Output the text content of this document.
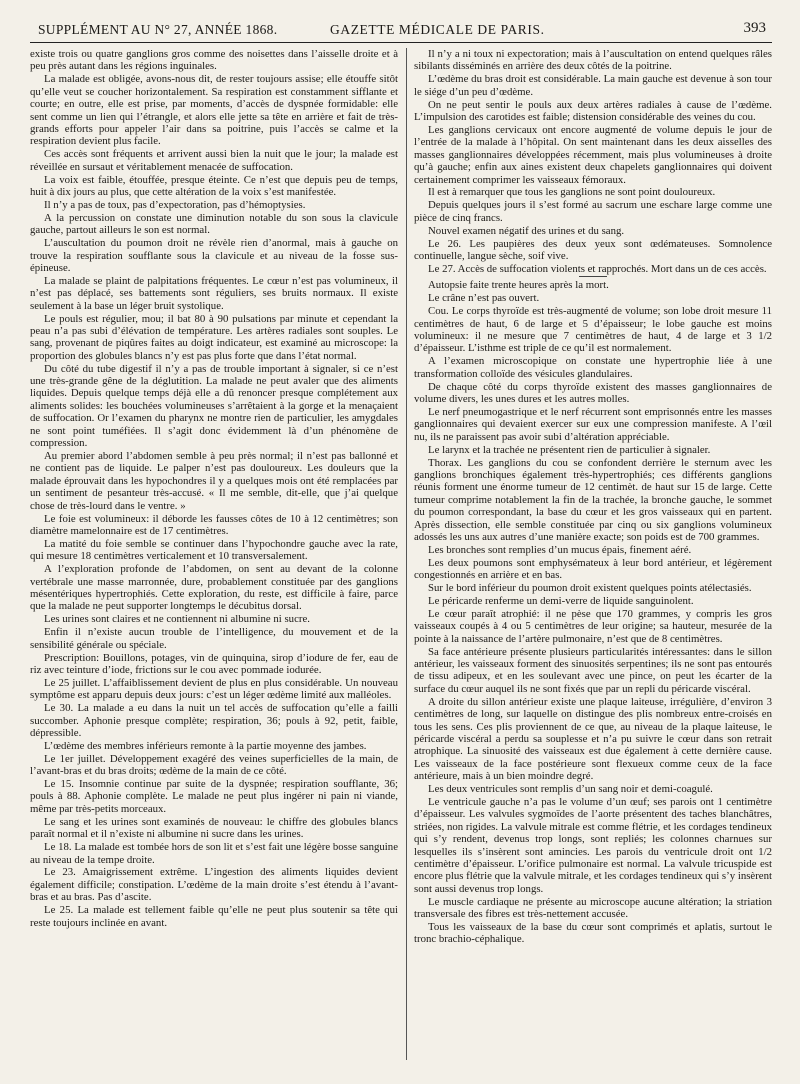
SUPPLÉMENT AU N° 27, ANNÉE 1868.	GAZETTE MÉDICALE DE PARIS.	393

existe trois ou quatre ganglions gros comme des noisettes dans l’aisselle droite et à peu près autant dans les régions inguinales.

La malade est obligée, avons-nous dit, de rester toujours assise; elle étouffe sitôt qu’elle veut se coucher horizontalement. Sa respiration est constamment sifflante et courte; en outre, elle est prise, par moments, d’accès de dyspnée formidable: elle sent comme un lien qui l’étrangle, et alors elle jette sa tête en arrière et fait de très-grands efforts pour appeler l’air dans sa poitrine, puis l’accès se calme et la respiration devient plus facile.

Ces accès sont fréquents et arrivent aussi bien la nuit que le jour; la malade est réveillée en sursaut et véritablement menacée de suffocation.

La voix est faible, étouffée, presque éteinte. Ce n’est que depuis peu de temps, huit à dix jours au plus, que cette altération de la voix s’est manifestée.

Il n’y a pas de toux, pas d’expectoration, pas d’hémoptysies.

A la percussion on constate une diminution notable du son sous la clavicule gauche, partout ailleurs le son est normal.

L’auscultation du poumon droit ne révèle rien d’anormal, mais à gauche on trouve la respiration soufflante sous la clavicule et au niveau de la fosse sus-épineuse.

La malade se plaint de palpitations fréquentes. Le cœur n’est pas volumineux, il n’est pas déplacé, ses battements sont réguliers, ses bruits normaux. Il existe seulement à la base un léger bruit systolique.

Le pouls est régulier, mou; il bat 80 à 90 pulsations par minute et cependant la peau n’a pas subi d’élévation de température. Les artères radiales sont souples. Le sang, provenant de piqûres faites au doigt indicateur, est examiné au microscope: la proportion des globules blancs n’y est pas plus forte que dans l’état normal.

Du côté du tube digestif il n’y a pas de trouble important à signaler, si ce n’est une très-grande gêne de la déglutition. La malade ne peut avaler que des aliments liquides. Depuis quelque temps déjà elle a dû renoncer presque complétement aux aliments solides: les bouchées volumineuses s’arrêtaient à la gorge et la menaçaient de suffocation. Or l’examen du pharynx ne montre rien de particulier, les amygdales ne sont point tuméfiées. Il s’agit donc évidemment là d’un phénomène de compression.

Au premier abord l’abdomen semble à peu près normal; il n’est pas ballonné et ne contient pas de liquide. Le palper n’est pas douloureux. Les douleurs que la malade éprouvait dans les hypochondres il y a quelques mois ont été remplacées par un sentiment de pesanteur très-accusé. « Il me semble, dit-elle, que j’ai quelque chose de très-lourd dans le ventre. »

Le foie est volumineux: il déborde les fausses côtes de 10 à 12 centimètres; son diamètre mamelonnaire est de 17 centimètres.

La matité du foie semble se continuer dans l’hypochondre gauche avec la rate, qui mesure 18 centimètres verticalement et 10 transversalement.

A l’exploration profonde de l’abdomen, on sent au devant de la colonne vertébrale une masse marronnée, dure, probablement constituée par des ganglions mésentériques hypertrophiés. Cette exploration, du reste, est difficile à faire, parce que la malade ne peut supporter longtemps le décubitus dorsal.

Les urines sont claires et ne contiennent ni albumine ni sucre.

Enfin il n’existe aucun trouble de l’intelligence, du mouvement et de la sensibilité générale ou spéciale.

Prescription: Bouillons, potages, vin de quinquina, sirop d’iodure de fer, eau de riz avec teinture d’iode, frictions sur le cou avec pommade iodurée.

Le 25 juillet. L’affaiblissement devient de plus en plus considérable. Un nouveau symptôme est apparu depuis deux jours: c’est un léger œdème limité aux malléoles.

Le 30. La malade a eu dans la nuit un tel accès de suffocation qu’elle a failli succomber. Aphonie presque complète; respiration, 36; pouls à 92, petit, faible, dépressible.

L’œdème des membres inférieurs remonte à la partie moyenne des jambes.

Le 1er juillet. Développement exagéré des veines superficielles de la main, de l’avant-bras et du bras droits; œdème de la main de ce côté.

Le 15. Insomnie continue par suite de la dyspnée; respiration soufflante, 36; pouls à 88. Aphonie complète. Le malade ne peut plus ingérer ni pain ni viande, même par très-petits morceaux.

Le sang et les urines sont examinés de nouveau: le chiffre des globules blancs paraît normal et il n’existe ni albumine ni sucre dans les urines.

Le 18. La malade est tombée hors de son lit et s’est fait une légère bosse sanguine au niveau de la tempe droite.

Le 23. Amaigrissement extrême. L’ingestion des aliments liquides devient également difficile; constipation. L’œdème de la main droite s’est étendu à l’avant-bras et au bras. Pas d’ascite.

Le 25. La malade est tellement faible qu’elle ne peut plus soutenir sa tête qui reste toujours inclinée en avant.

Il n’y a ni toux ni expectoration; mais à l’auscultation on entend quelques râles sibilants disséminés en arrière des deux côtés de la poitrine.

L’œdème du bras droit est considérable. La main gauche est devenue à son tour le siége d’un peu d’œdème.

On ne peut sentir le pouls aux deux artères radiales à cause de l’œdème. L’impulsion des carotides est faible; distension considérable des veines du cou.

Les ganglions cervicaux ont encore augmenté de volume depuis le jour de l’entrée de la malade à l’hôpital. On sent maintenant dans les deux aisselles des masses ganglionnaires développées récemment, mais plus volumineuses à droite qu’à gauche; enfin aux aines existent deux chapelets ganglionnaires qui doivent certainement comprimer les vaisseaux fémoraux.

Il est à remarquer que tous les ganglions ne sont point douloureux.

Depuis quelques jours il s’est formé au sacrum une eschare large comme une pièce de cinq francs.

Nouvel examen négatif des urines et du sang.

Le 26. Les paupières des deux yeux sont œdémateuses. Somnolence continuelle, langue sèche, soif vive.

Le 27. Accès de suffocation violents et rapprochés. Mort dans un de ces accès.

Autopsie faite trente heures après la mort.

Le crâne n’est pas ouvert.

Cou. Le corps thyroïde est très-augmenté de volume; son lobe droit mesure 11 centimètres de haut, 6 de large et 5 d’épaisseur; le lobe gauche est moins volumineux: il ne mesure que 7 centimètres de haut, 4 de large et 3 1/2 d’épaisseur. L’isthme est triple de ce qu’il est normalement.

A l’examen microscopique on constate une hypertrophie liée à une transformation colloïde des vésicules glandulaires.

De chaque côté du corps thyroïde existent des masses ganglionnaires de volume divers, les unes dures et les autres molles.

Le nerf pneumogastrique et le nerf récurrent sont emprisonnés entre les masses ganglionnaires qui devaient exercer sur eux une compression manifeste. A l’œil nu, ils ne paraissent pas avoir subi d’altération appréciable.

Le larynx et la trachée ne présentent rien de particulier à signaler.

Thorax. Les ganglions du cou se confondent derrière le sternum avec les ganglions bronchiques également très-hypertrophiés; ces différents ganglions réunis forment une énorme tumeur de 12 centimèt. de haut sur 15 de large. Cette tumeur comprime notablement la fin de la trachée, la bronche gauche, le sommet du poumon correspondant, la base du cœur et les gros vaisseaux qui en partent. Après dissection, elle semble constituée par cinq ou six ganglions volumineux adossés les uns aux autres d’une manière exacte; son poids est de 700 grammes.

Les bronches sont remplies d’un mucus épais, finement aéré.

Les deux poumons sont emphysémateux à leur bord antérieur, et légèrement congestionnés en arrière et en bas.

Sur le bord inférieur du poumon droit existent quelques points atélectasiés.

Le péricarde renferme un demi-verre de liquide sanguinolent.

Le cœur paraît atrophié: il ne pèse que 170 grammes, y compris les gros vaisseaux coupés à 4 ou 5 centimètres de leur origine; sa hauteur, mesurée de la pointe à la naissance de l’artère pulmonaire, n’est que de 8 centimètres.

Sa face antérieure présente plusieurs particularités intéressantes: dans le sillon antérieur, les vaisseaux forment des sinuosités serpentines; ils ne sont pas entourés de tissu adipeux, et en les soulevant avec une pince, on peut les écarter de la surface du cœur auquel ils ne sont fixés que par un repli du péricarde viscéral.

A droite du sillon antérieur existe une plaque laiteuse, irrégulière, d’environ 3 centimètres de long, sur laquelle on distingue des plis nombreux entre-croisés en tous les sens. Ces plis proviennent de ce que, au niveau de la plaque laiteuse, le péricarde viscéral a perdu sa souplesse et n’a pu suivre le cœur dans son retrait atrophique. La sinuosité des vaisseaux est due également à cette dernière cause. Les vaisseaux de la face postérieure sont flexueux comme ceux de la face antérieure, mais à un bien moindre degré.

Les deux ventricules sont remplis d’un sang noir et demi-coagulé.

Le ventricule gauche n’a pas le volume d’un œuf; ses parois ont 1 centimètre d’épaisseur. Les valvules sygmoïdes de l’aorte présentent des taches blanchâtres, striées, non rigides. La valvule mitrale est comme flétrie, et les cordages tendineux qui s’y rendent, devenus trop longs, sont repliés; les colonnes charnues sur lesquelles ils s’insèrent sont amincies. Les parois du ventricule droit ont 1/2 centimètre d’épaisseur. L’orifice pulmonaire est normal. La valvule tricuspide est encore plus flétrie que la valvule mitrale, et les cordages tendineux qui s’y insèrent sont aussi devenus trop longs.

Le muscle cardiaque ne présente au microscope aucune altération; la striation transversale des fibres est très-nettement accusée.

Tous les vaisseaux de la base du cœur sont comprimés et aplatis, surtout le tronc brachio-céphalique.
